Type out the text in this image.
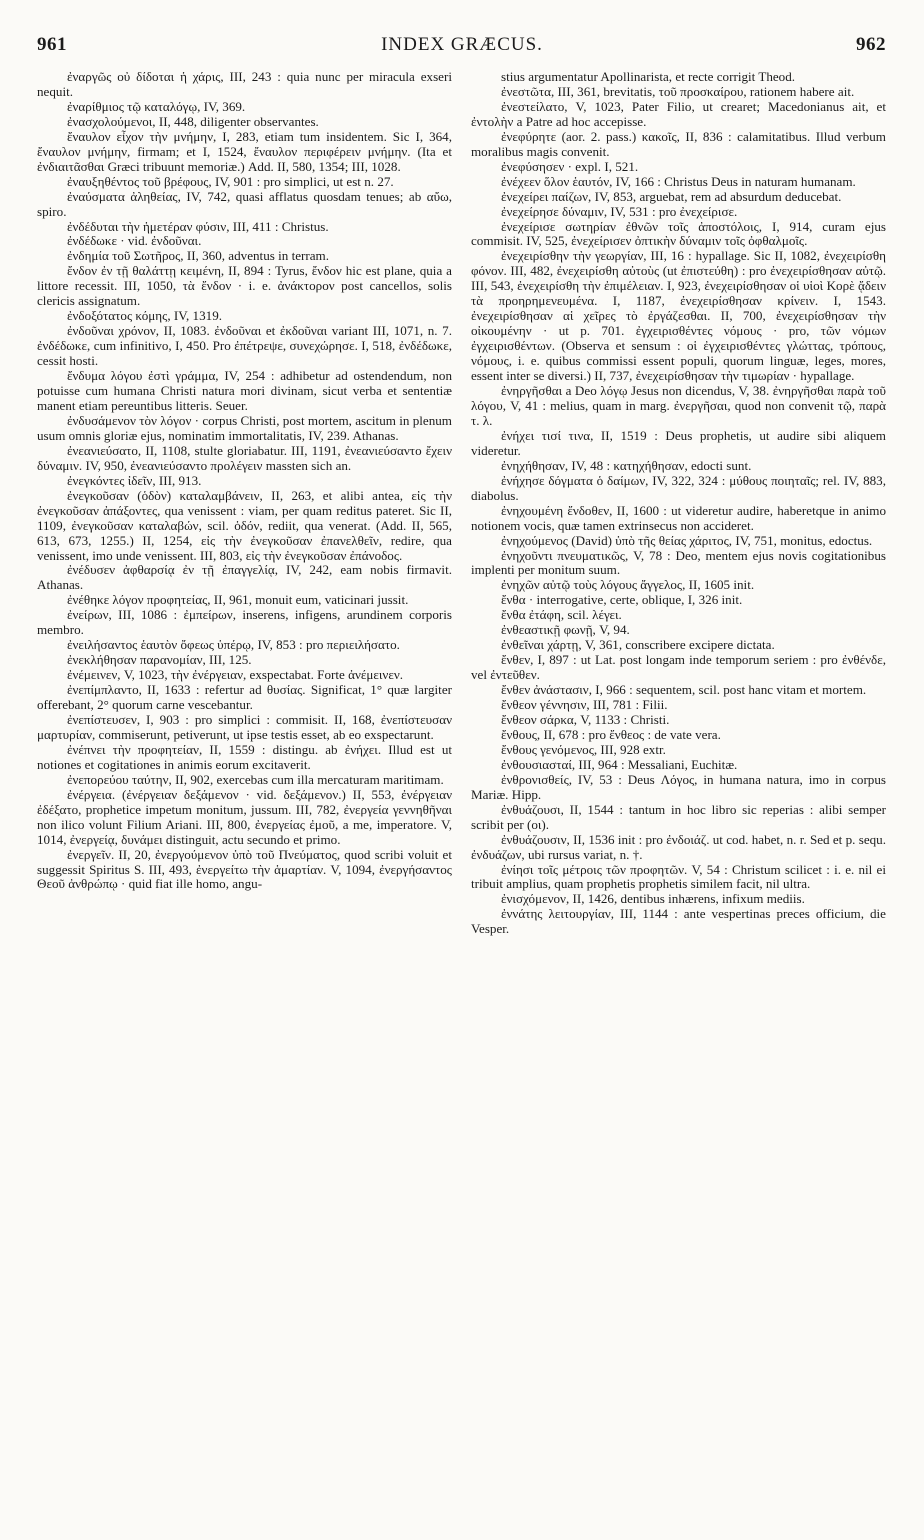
961	INDEX GRÆCUS.	962

ἐναργῶς οὐ δίδοται ἡ χάρις, III, 243 : quia nunc per miracula exseri nequit.

ἐναρίθμιος τῷ καταλόγῳ, IV, 369.

ἐνασχολούμενοι, II, 448, diligenter observantes.

ἔναυλον εἶχον τὴν μνήμην, I, 283, etiam tum insidentem. Sic I, 364, ἔναυλον μνήμην, firmam; et I, 1524, ἔναυλον περιφέρειν μνήμην. (Ita et ἐνδιαιτᾶσθαι Græci tribuunt memoriæ.) Add. II, 580, 1354; III, 1028.

ἐναυξηθέντος τοῦ βρέφους, IV, 901 : pro simplici, ut est n. 27.

ἐναύσματα ἀληθείας, IV, 742, quasi afflatus quosdam tenues; ab αὔω, spiro.

ἐνδέδυται τὴν ἡμετέραν φύσιν, III, 411 : Christus.

ἐνδέδωκε · vid. ἐνδοῦναι.

ἐνδημία τοῦ Σωτῆρος, II, 360, adventus in terram.

ἔνδον ἐν τῇ θαλάττῃ κειμένη, II, 894 : Tyrus, ἔνδον hic est plane, quia a littore recessit. III, 1050, τὰ ἔνδον · i. e. ἀνάκτορον post cancellos, solis clericis assignatum.

ἐνδοξότατος κόμης, IV, 1319.

ἐνδοῦναι χρόνον, II, 1083. ἐνδοῦναι et ἐκδοῦναι variant III, 1071, n. 7. ἐνδέδωκε, cum infinitivo, I, 450. Pro ἐπέτρεψε, συνεχώρησε. I, 518, ἐνδέδωκε, cessit hosti.

ἔνδυμα λόγου ἐστὶ γράμμα, IV, 254 : adhibetur ad ostendendum, non potuisse cum humana Christi natura mori divinam, sicut verba et sententiæ manent etiam pereuntibus litteris. Seuer.

ἐνδυσάμενον τὸν λόγον · corpus Christi, post mortem, ascitum in plenum usum omnis gloriæ ejus, nominatim immortalitatis, IV, 239. Athanas.

ἐνεανιεύσατο, II, 1108, stulte gloriabatur. III, 1191, ἐνεανιεύσαντο ἔχειν δύναμιν. IV, 950, ἐνεανιεύσαντο προλέγειν massten sich an.

ἐνεγκόντες ἰδεῖν, III, 913.

ἐνεγκοῦσαν (ὁδὸν) καταλαμβάνειν, II, 263, et alibi antea, εἰς τὴν ἐνεγκοῦσαν ἀπάξοντες, qua venissent : viam, per quam reditus pateret. Sic II, 1109, ἐνεγκοῦσαν καταλαβών, scil. ὁδόν, rediit, qua venerat. (Add. II, 565, 613, 673, 1255.) II, 1254, εἰς τὴν ἐνεγκοῦσαν ἐπανελθεῖν, redire, qua venissent, imo unde venissent. III, 803, εἰς τὴν ἐνεγκοῦσαν ἐπάνοδος.

ἐνέδυσεν ἀφθαρσίᾳ ἐν τῇ ἐπαγγελίᾳ, IV, 242, eam nobis firmavit. Athanas.

ἐνέθηκε λόγον προφητείας, II, 961, monuit eum, vaticinari jussit.

ἐνείρων, III, 1086 : ἐμπείρων, inserens, infigens, arundinem corporis membro.

ἐνειλήσαντος ἑαυτὸν ὄφεως ὑπέρῳ, IV, 853 : pro περιειλήσατο.

ἐνεκλήθησαν παρανομίαν, III, 125.

ἐνέμεινεν, V, 1023, τὴν ἐνέργειαν, exspectabat. Forte ἀνέμεινεν.

ἐνεπίμπλαντο, II, 1633 : refertur ad θυσίας. Significat, 1° quæ largiter offerebant, 2° quorum carne vescebantur.

ἐνεπίστευσεν, I, 903 : pro simplici : commisit. II, 168, ἐνεπίστευσαν μαρτυρίαν, commiserunt, petiverunt, ut ipse testis esset, ab eo exspectarunt.

ἐνέπνει τὴν προφητείαν, II, 1559 : distingu. ab ἐνήχει. Illud est ut notiones et cogitationes in animis eorum excitaverit.

ἐνεπορεύου ταύτην, II, 902, exercebas cum illa mercaturam maritimam.

ἐνέργεια. (ἐνέργειαν δεξάμενον · vid. δεξάμενον.) II, 553, ἐνέργειαν ἐδέξατο, prophetice impetum monitum, jussum. III, 782, ἐνεργεία γεννηθῆναι non ilico volunt Filium Ariani. III, 800, ἐνεργείας ἐμοῦ, a me, imperatore. V, 1014, ἐνεργείᾳ, δυνάμει distinguit, actu secundo et primo.

ἐνεργεῖν. II, 20, ἐνεργούμενον ὑπὸ τοῦ Πνεύματος, quod scribi voluit et suggessit Spiritus S. III, 493, ἐνεργείτω τὴν ἁμαρτίαν. V, 1094, ἐνεργήσαντος Θεοῦ ἀνθρώπῳ · quid fiat ille homo, angu-

stius argumentatur Apollinarista, et recte corrigit Theod.

ἐνεστῶτα, III, 361, brevitatis, τοῦ προσκαίρου, rationem habere ait.

ἐνεστείλατο, V, 1023, Pater Filio, ut crearet; Macedonianus ait, et ἐντολὴν a Patre ad hoc accepisse.

ἐνεφύρητε (aor. 2. pass.) κακοῖς, II, 836 : calamitatibus. Illud verbum moralibus magis convenit.

ἐνεφύσησεν · expl. I, 521.

ἐνέχεεν ὅλον ἑαυτόν, IV, 166 : Christus Deus in naturam humanam.

ἐνεχείρει παίζων, IV, 853, arguebat, rem ad absurdum deducebat.

ἐνεχείρησε δύναμιν, IV, 531 : pro ἐνεχείρισε.

ἐνεχείρισε σωτηρίαν ἐθνῶν τοῖς ἀποστόλοις, I, 914, curam ejus commisit. IV, 525, ἐνεχείρισεν ὀπτικὴν δύναμιν τοῖς ὀφθαλμοῖς.

ἐνεχειρίσθην τὴν γεωργίαν, III, 16 : hypallage. Sic II, 1082, ἐνεχειρίσθη φόνον. III, 482, ἐνεχειρίσθη αὐτοὺς (ut ἐπιστεύθη) : pro ἐνεχειρίσθησαν αὐτῷ. III, 543, ἐνεχειρίσθη τὴν ἐπιμέλειαν. I, 923, ἐνεχειρίσθησαν οἱ υἱοὶ Κορὲ ᾄδειν τὰ προηρημενευμένα. I, 1187, ἐνεχειρίσθησαν κρίνειν. I, 1543. ἐνεχειρίσθησαν αἱ χεῖρες τὸ ἐργάζεσθαι. II, 700, ἐνεχειρίσθησαν τὴν οἰκουμένην · ut p. 701. ἐγχειρισθέντες νόμους · pro, τῶν νόμων ἐγχειρισθέντων. (Observa et sensum : οἱ ἐγχειρισθέντες γλώττας, τρόπους, νόμους, i. e. quibus commissi essent populi, quorum linguæ, leges, mores, essent inter se diversi.) II, 737, ἐνεχειρίσθησαν τὴν τιμωρίαν · hypallage.

ἐνηργῆσθαι a Deo λόγῳ Jesus non dicendus, V, 38. ἐνηργῆσθαι παρὰ τοῦ λόγου, V, 41 : melius, quam in marg. ἐνεργῆσαι, quod non convenit τῷ, παρὰ τ. λ.

ἐνήχει τισί τινα, II, 1519 : Deus prophetis, ut audire sibi aliquem videretur.

ἐνηχήθησαν, IV, 48 : κατηχήθησαν, edocti sunt.

ἐνήχησε δόγματα ὁ δαίμων, IV, 322, 324 : μύθους ποιηταῖς; rel. IV, 883, diabolus.

ἐνηχουμένη ἔνδοθεν, II, 1600 : ut videretur audire, haberetque in animo notionem vocis, quæ tamen extrinsecus non accideret.

ἐνηχούμενος (David) ὑπὸ τῆς θείας χάριτος, IV, 751, monitus, edoctus.

ἐνηχοῦντι πνευματικῶς, V, 78 : Deo, mentem ejus novis cogitationibus implenti per monitum suum.

ἐνηχῶν αὐτῷ τοὺς λόγους ἄγγελος, II, 1605 init.

ἔνθα · interrogative, certe, oblique, I, 326 init.

ἔνθα ἐτάφη, scil. λέγει.

ἐνθεαστικῇ φωνῇ, V, 94.

ἐνθεῖναι χάρτῃ, V, 361, conscribere excipere dictata.

ἔνθεν, I, 897 : ut Lat. post longam inde temporum seriem : pro ἐνθένδε, vel ἐντεῦθεν.

ἔνθεν ἀνάστασιν, I, 966 : sequentem, scil. post hanc vitam et mortem.

ἔνθεον γέννησιν, III, 781 : Filii.

ἔνθεον σάρκα, V, 1133 : Christi.

ἔνθους, II, 678 : pro ἔνθεος : de vate vera.

ἔνθους γενόμενος, III, 928 extr.

ἐνθουσιασταί, III, 964 : Messaliani, Euchitæ.

ἐνθρονισθείς, IV, 53 : Deus Λόγος, in humana natura, imo in corpus Mariæ. Hipp.

ἐνθυάζουσι, II, 1544 : tantum in hoc libro sic reperias : alibi semper scribit per (οι).

ἐνθυάζουσιν, II, 1536 init : pro ἐνδοιάζ. ut cod. habet, n. r. Sed et p. sequ. ἐνδυάζων, ubi rursus variat, n. †.

ἐνίησι τοῖς μέτροις τῶν προφητῶν. V, 54 : Christum scilicet : i. e. nil ei tribuit amplius, quam prophetis prophetis similem facit, nil ultra.

ἐνισχόμενον, II, 1426, dentibus inhærens, infixum mediis.

ἐννάτης λειτουργίαν, III, 1144 : ante vespertinas preces officium, die Vesper.
